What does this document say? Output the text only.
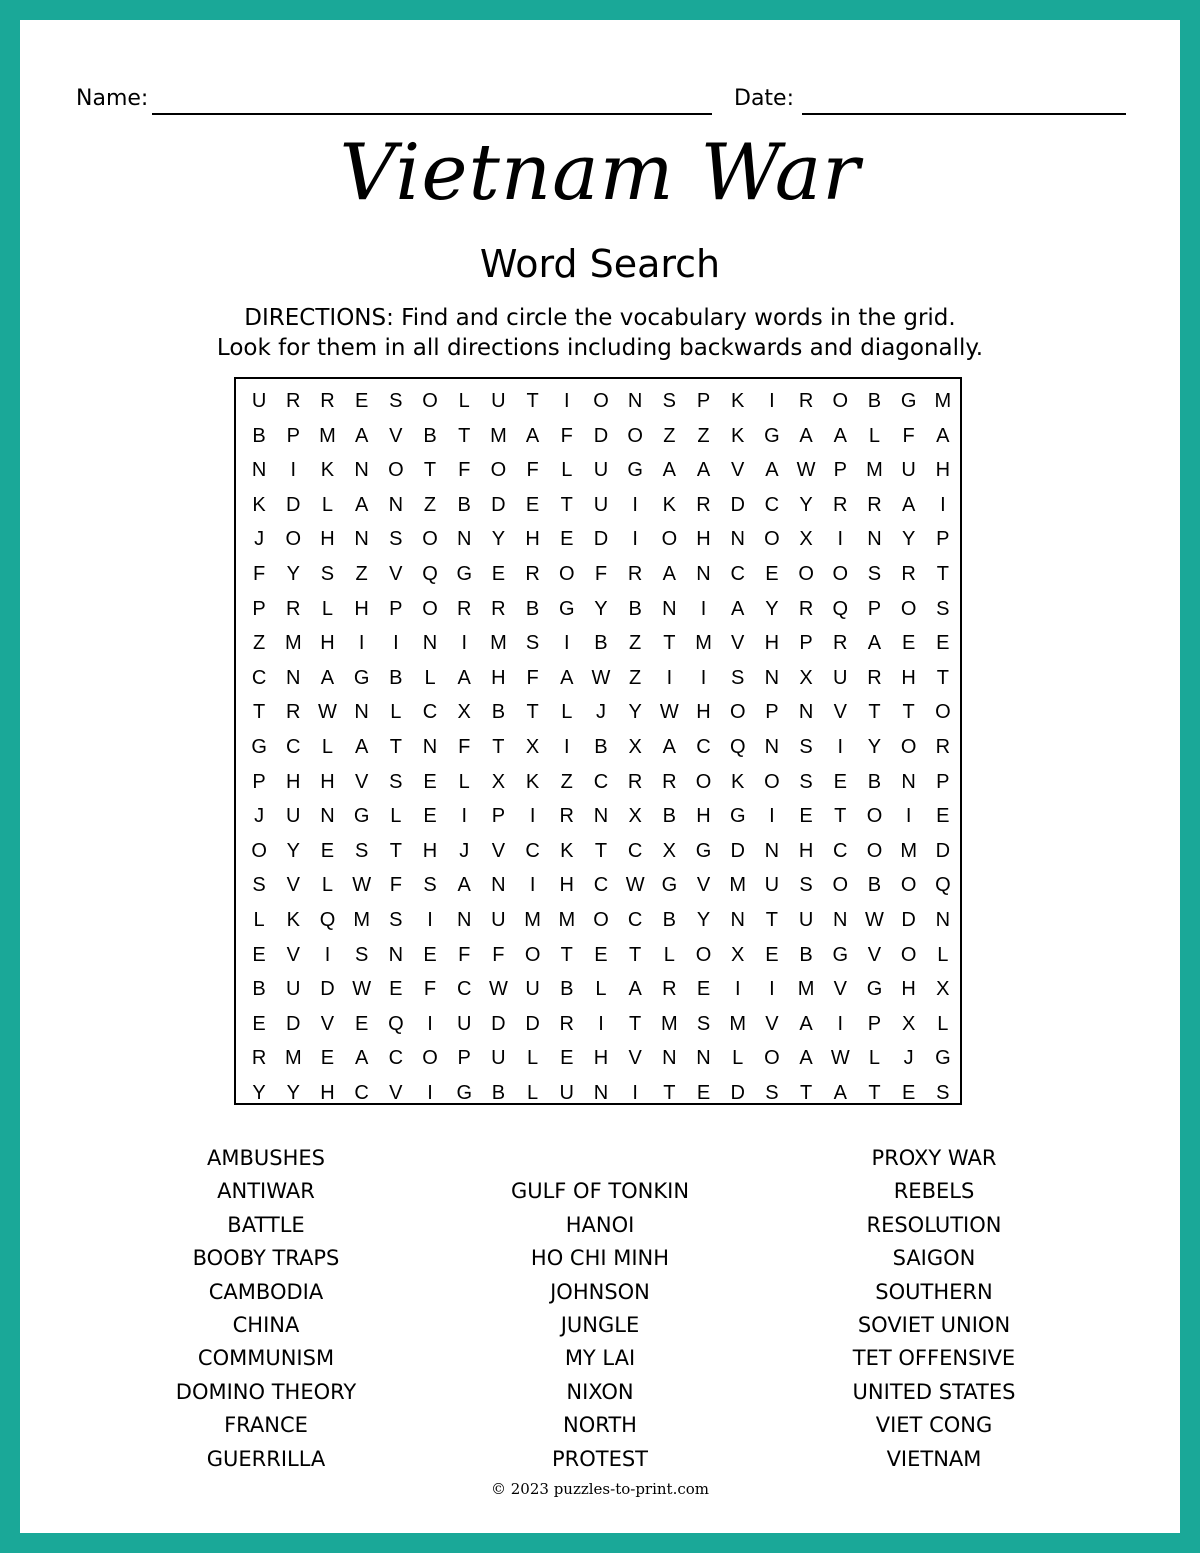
Name:	Date:
Vietnam War
Word Search
DIRECTIONS: Find and circle the vocabulary words in the grid.
Look for them in all directions including backwards and diagonally.
U R R	E	S O	L	U	T	I	O N	S	P	K	I	R O B G M
B	P M A	V	B	T M A	F	D O	Z	Z	K G A	A	L	F	A
N	I	K	N O	T	F	O	F	L	U G A	A	V	A W P M U H
K	D	L	A	N	Z	B	D	E	T	U	I	K	R D C	Y	R R	A	I
J	O H N	S O N	Y	H	E	D	I	O H N O X	I	N	Y	P
F	Y	S	Z	V Q G E	R O	F	R	A	N C	E O O S	R	T
P	R	L	H	P O R R	B G Y	B	N	I	A	Y	R Q P O S
Z M H	I	I	N	I	M S	I	B	Z	T M V	H	P	R	A	E	E
C N	A G B	L	A	H	F	A W Z	I	I	S	N	X	U R H	T
T	R W N	L	C	X	B	T	L	J	Y W H O P	N	V	T	T	O
G C	L	A	T	N	F	T	X	I	B	X	A	C Q N	S	I	Y O R
P	H H	V	S	E	L	X	K	Z	C R R O K O S	E	B	N	P
J	U N G	L	E	I	P	I	R N	X	B	H G	I	E	T	O	I	E
O Y	E	S	T	H	J	V	C	K	T	C	X G D N H C O M D
S	V	L W F	S	A	N	I	H C W G V M U	S O B O Q
L	K Q M S	I	N U M M O C	B	Y	N	T	U N W D N
E	V	I	S	N	E	F	F	O	T	E	T	L	O X	E	B G V O	L
B	U D W E	F	C W U	B	L	A	R	E	I	I	M V G H	X
E	D	V	E Q	I	U D D R	I	T M S M V	A	I	P	X	L
R M E	A	C O P	U	L	E	H	V	N N	L	O A W L	J	G
Y	Y	H C	V	I	G B	L	U N	I	T	E	D	S	T	A	T	E	S
AMBUSHES
ANTIWAR
BATTLE
BOOBY TRAPS
CAMBODIA
CHINA
COMMUNISM
DOMINO THEORY
FRANCE
GUERRILLA
GULF OF TONKIN
HANOI
HO CHI MINH
JOHNSON
JUNGLE
MY LAI
NIXON
NORTH
PROTEST
PROXY WAR
REBELS
RESOLUTION
SAIGON
SOUTHERN
SOVIET UNION
TET OFFENSIVE
UNITED STATES
VIET CONG
VIETNAM
© 2023 puzzles-to-print.com
